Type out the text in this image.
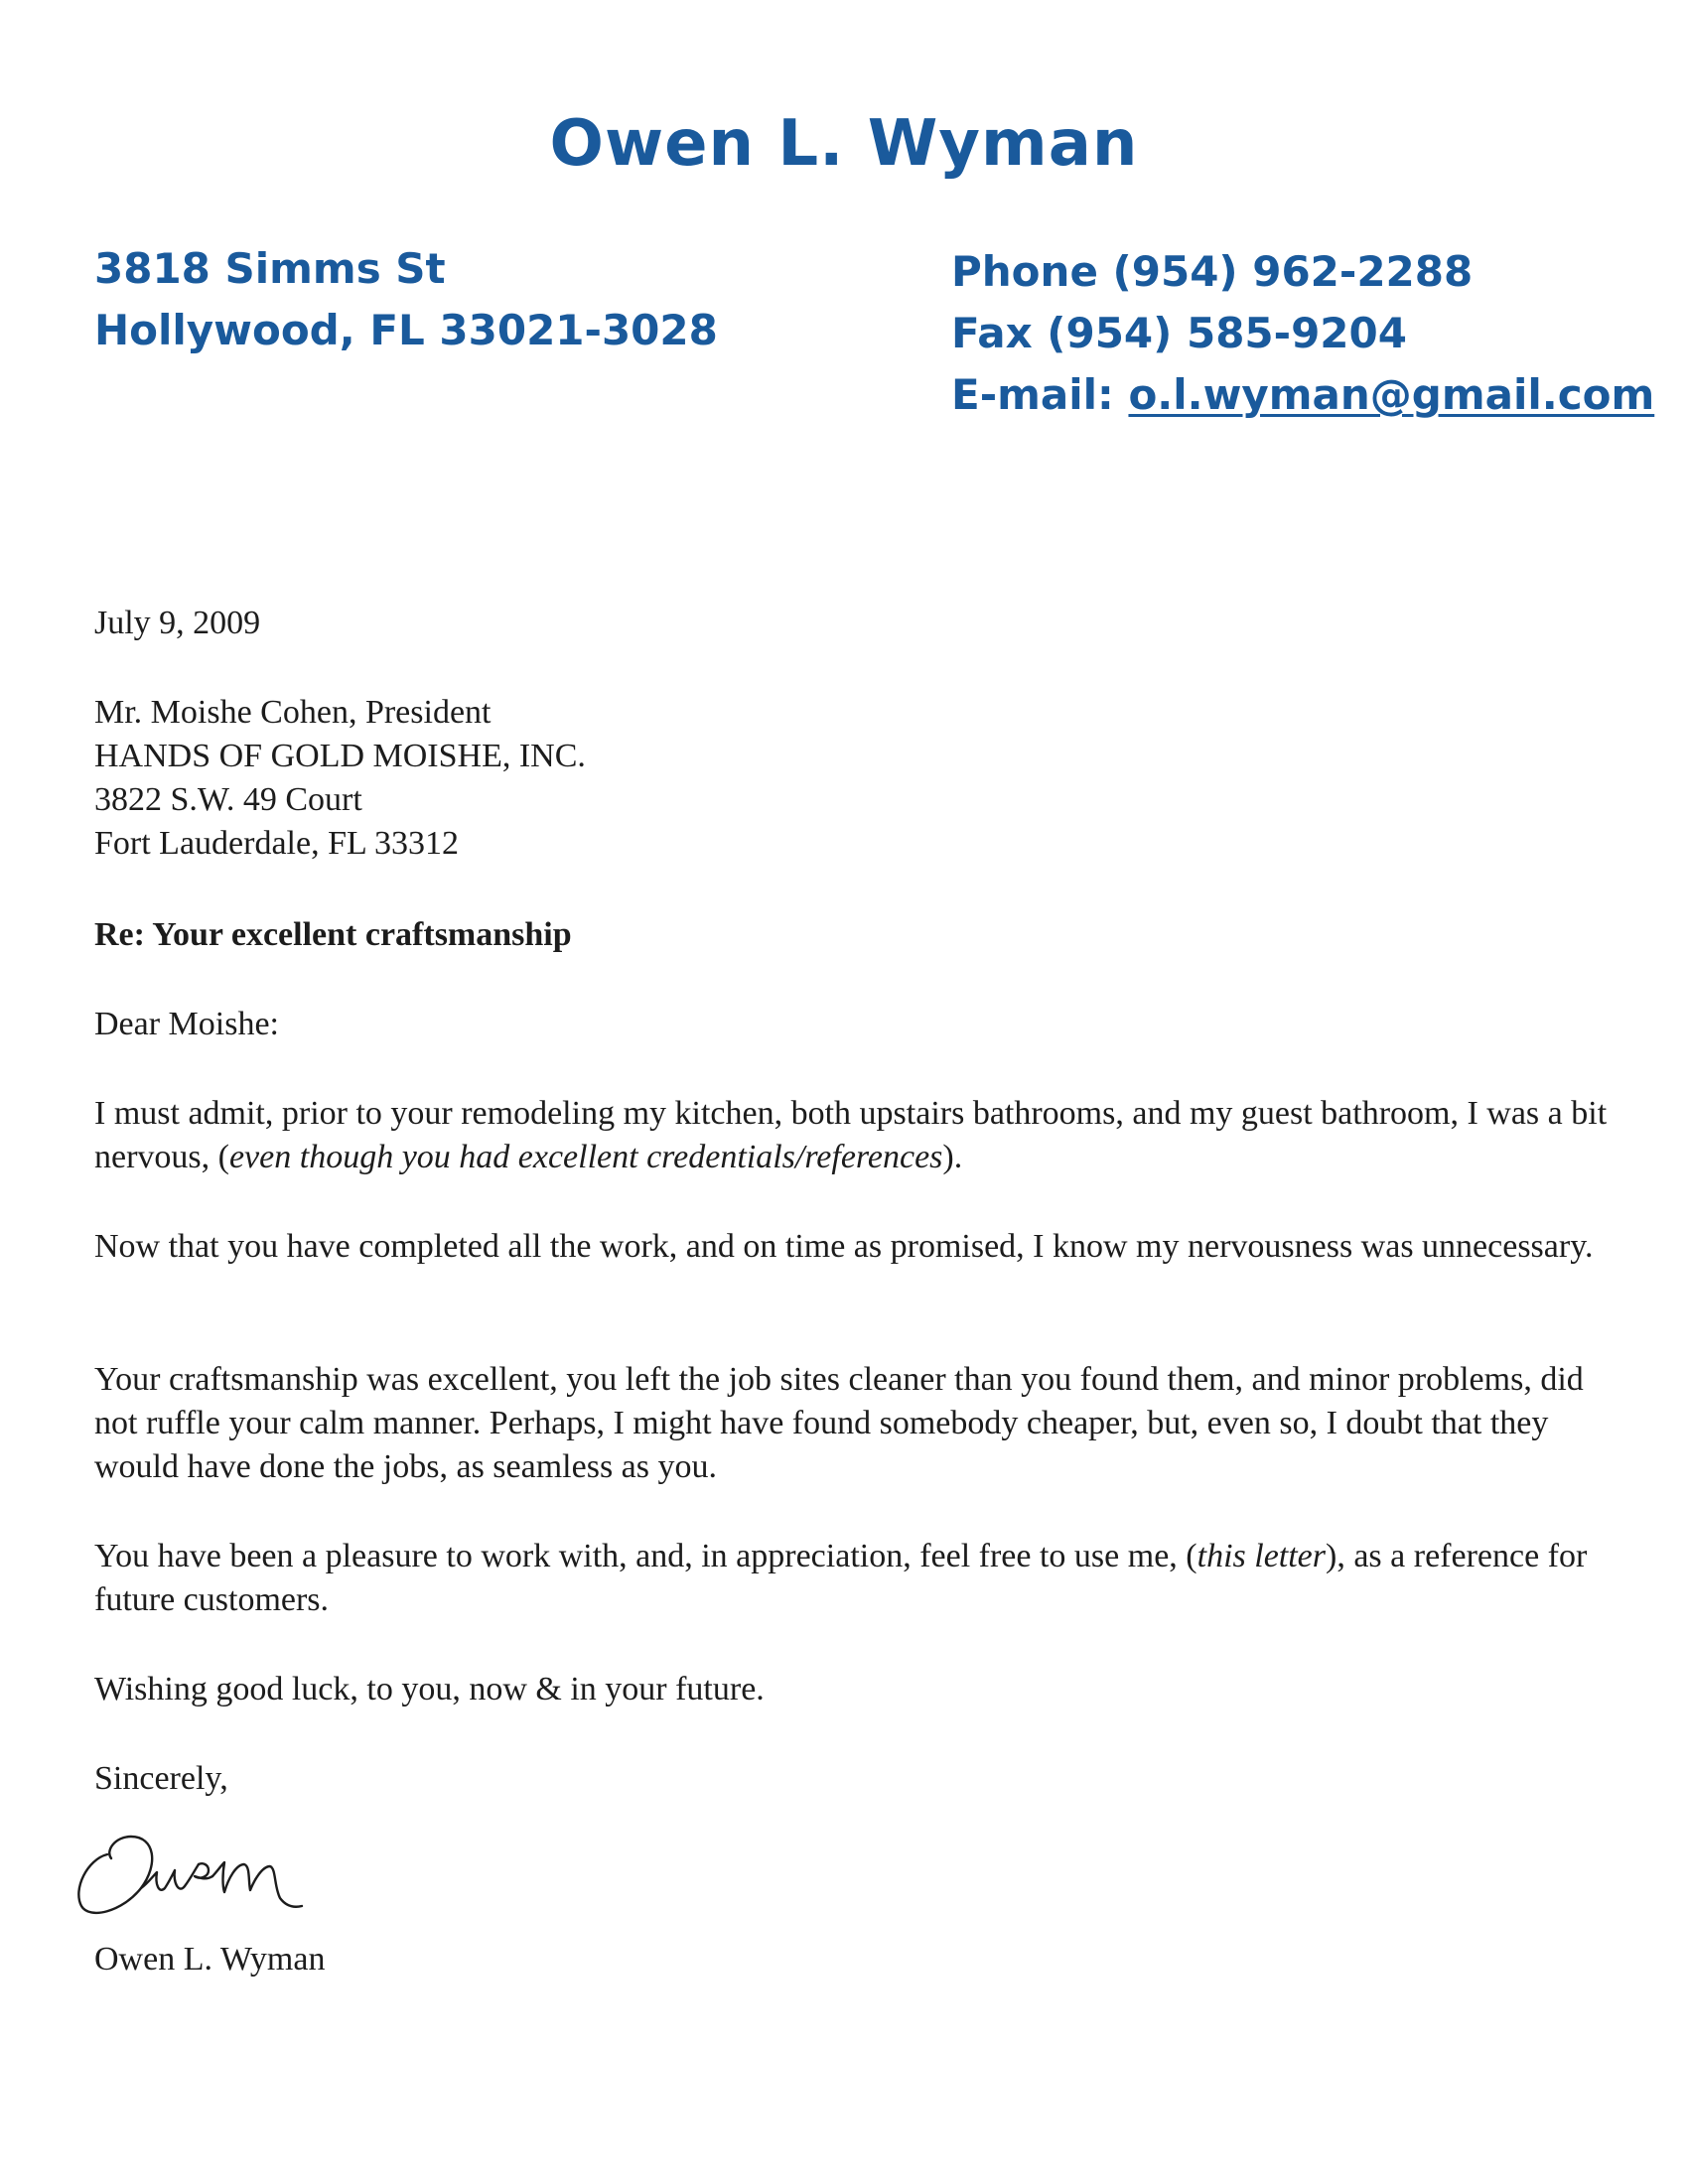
Owen L. Wyman
3818 Simms St
Hollywood, FL 33021-3028
Phone (954) 962-2288
Fax (954) 585-9204
E-mail: o.l.wyman@gmail.com
July 9, 2009
Mr. Moishe Cohen, President
HANDS OF GOLD MOISHE, INC.
3822 S.W. 49 Court
Fort Lauderdale, FL 33312
Re: Your excellent craftsmanship
Dear Moishe:
I must admit, prior to your remodeling my kitchen, both upstairs bathrooms, and my guest bathroom, I was a bit nervous, (even though you had excellent credentials/references).
Now that you have completed all the work, and on time as promised, I know my nervousness was unnecessary.
Your craftsmanship was excellent, you left the job sites cleaner than you found them, and minor problems, did not ruffle your calm manner. Perhaps, I might have found somebody cheaper, but, even so, I doubt that they would have done the jobs, as seamless as you.
You have been a pleasure to work with, and, in appreciation, feel free to use me, (this letter), as a reference for future customers.
Wishing good luck, to you, now & in your future.
Sincerely,
Owen L. Wyman
